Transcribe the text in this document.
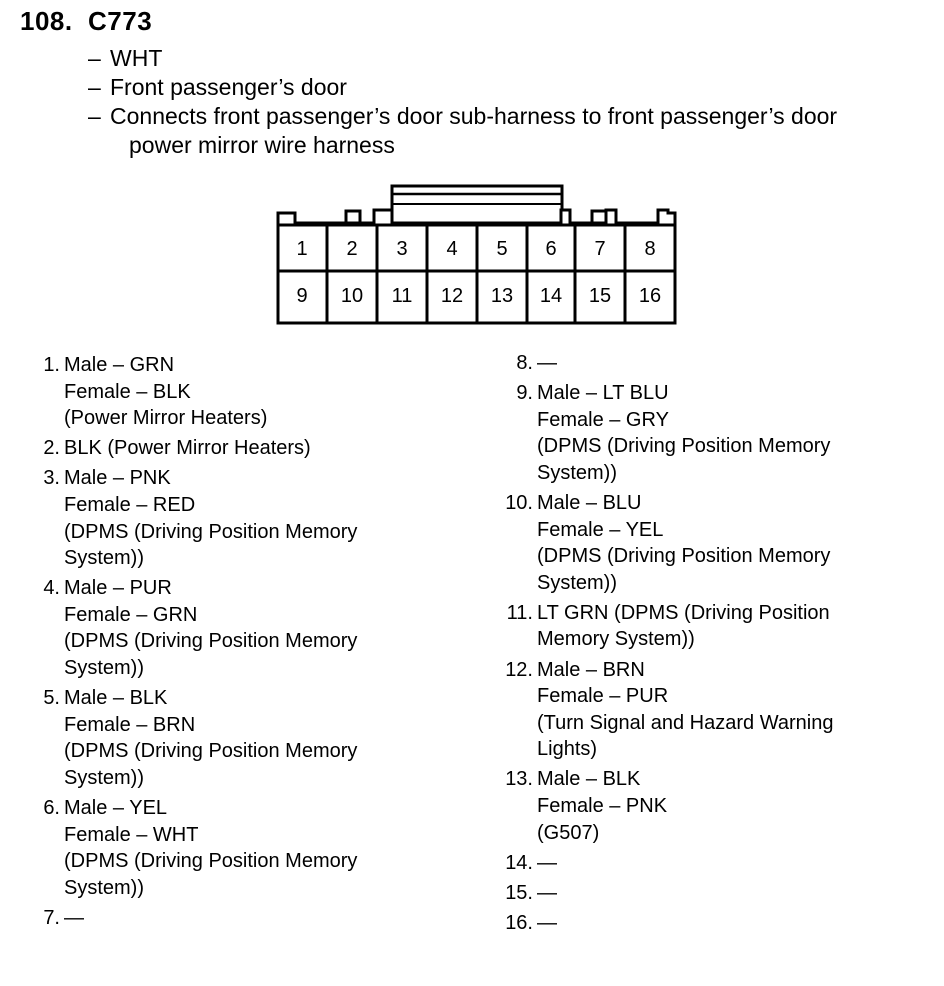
108. C773
– WHT
– Front passenger’s door
– Connects front passenger’s door sub-harness to front passenger’s door
power mirror wire harness
1 2 3 4 5 6 7 8
9 10 11 12 13 14 15 16
1. Male – GRN
Female – BLK
(Power Mirror Heaters)
2. BLK (Power Mirror Heaters)
3. Male – PNK
Female – RED
(DPMS (Driving Position Memory
System))
4. Male – PUR
Female – GRN
(DPMS (Driving Position Memory
System))
5. Male – BLK
Female – BRN
(DPMS (Driving Position Memory
System))
6. Male – YEL
Female – WHT
(DPMS (Driving Position Memory
System))
7. —
8. —
9. Male – LT BLU
Female – GRY
(DPMS (Driving Position Memory
System))
10. Male – BLU
Female – YEL
(DPMS (Driving Position Memory
System))
11. LT GRN (DPMS (Driving Position
Memory System))
12. Male – BRN
Female – PUR
(Turn Signal and Hazard Warning
Lights)
13. Male – BLK
Female – PNK
(G507)
14. —
15. —
16. —
